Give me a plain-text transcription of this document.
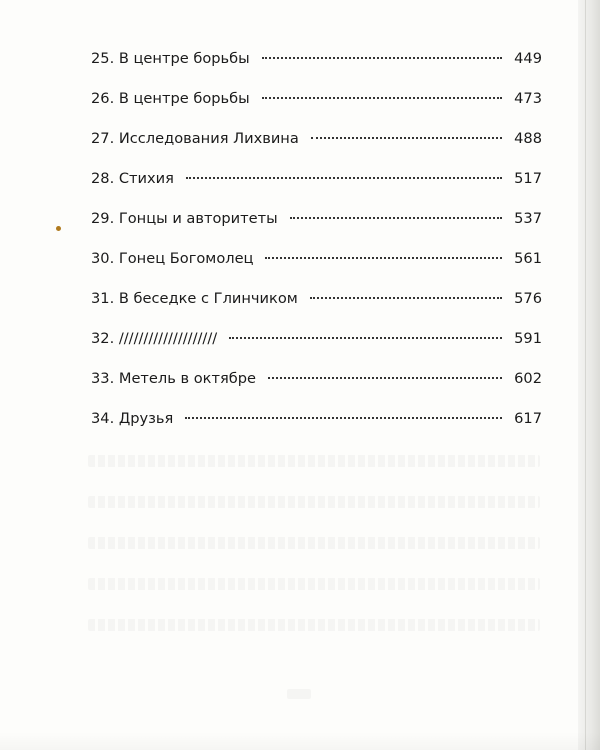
25. В центре борьбы	449
26. В центре борьбы	473
27. Исследования Лихвина	488
28. Стихия	517
29. Гонцы и авторитеты	537
30. Гонец Богомолец	561
31. В беседке с Глинчиком	576
32. ////////////////////	591
33. Метель в октябре	602
34. Друзья	617
